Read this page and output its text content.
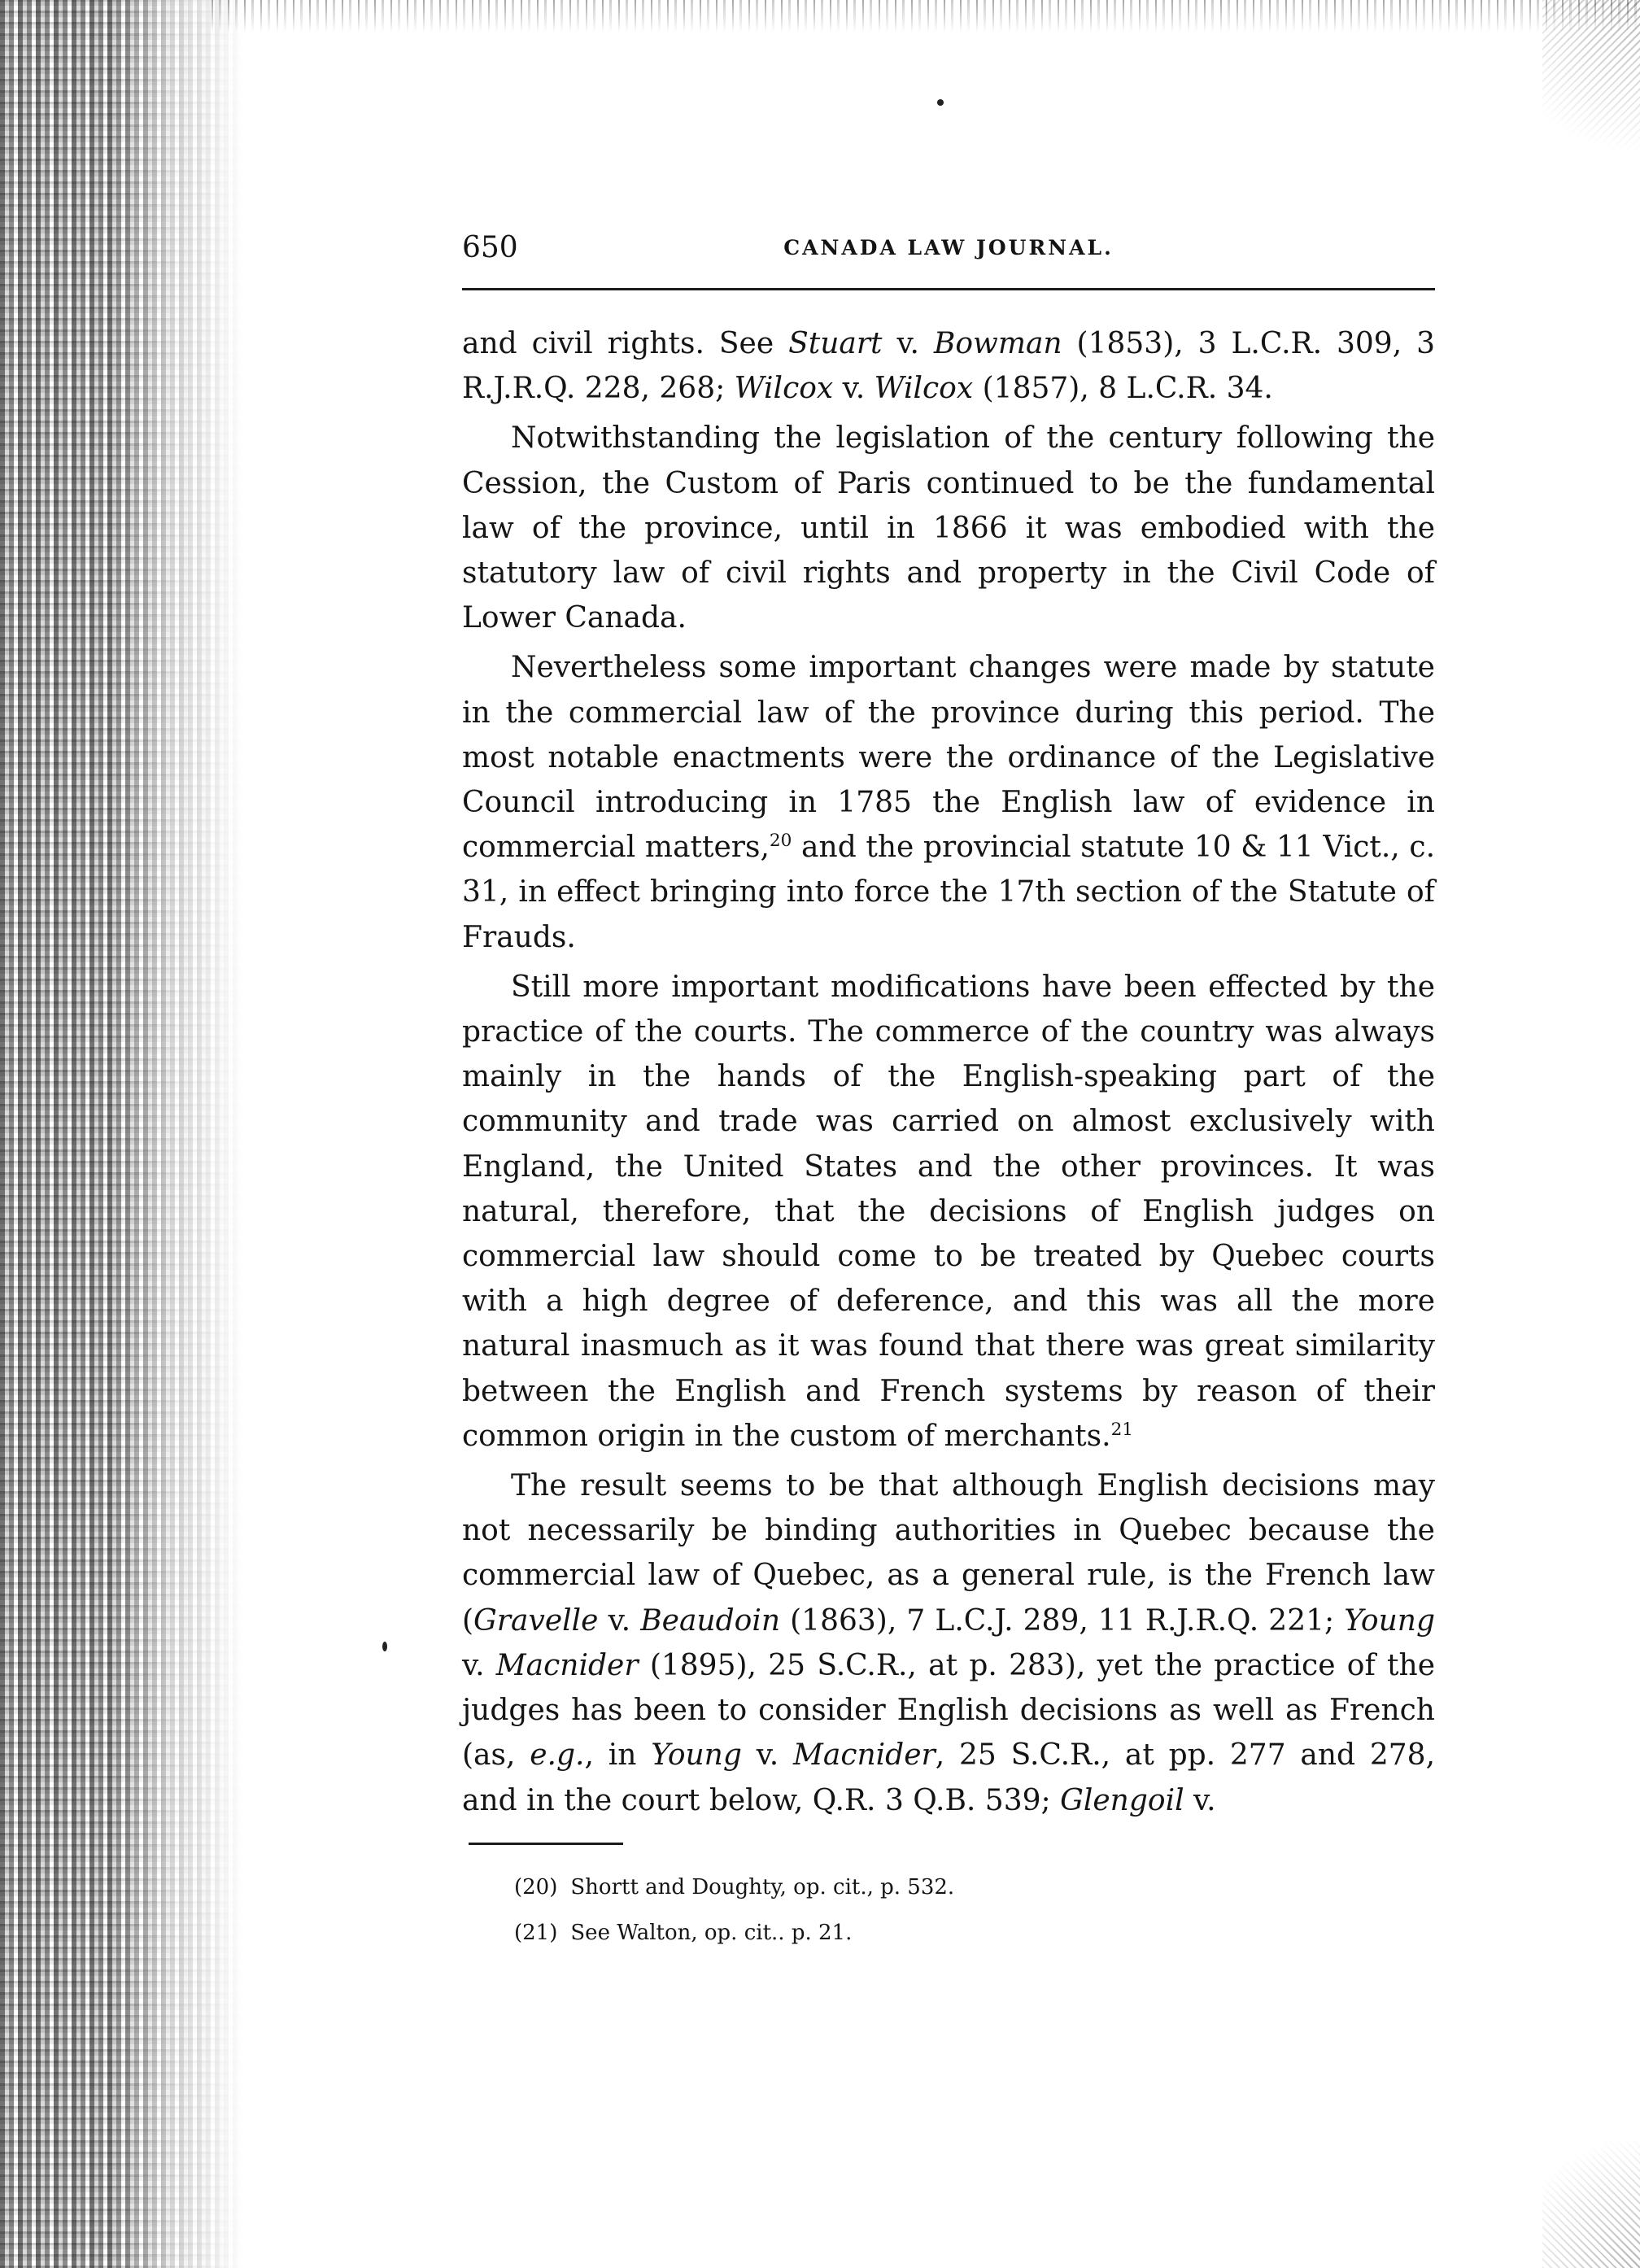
650	CANADA LAW JOURNAL.

and civil rights. See Stuart v. Bowman (1853), 3 L.C.R. 309, 3 R.J.R.Q. 228, 268; Wilcox v. Wilcox (1857), 8 L.C.R. 34.

Notwithstanding the legislation of the century following the Cession, the Custom of Paris continued to be the fundamental law of the province, until in 1866 it was embodied with the statutory law of civil rights and property in the Civil Code of Lower Canada.

Nevertheless some important changes were made by statute in the commercial law of the province during this period. The most notable enactments were the ordinance of the Legislative Council introducing in 1785 the English law of evidence in commercial matters,$^{20}$ and the provincial statute 10 & 11 Vict., c. 31, in effect bringing into force the 17th section of the Statute of Frauds.

Still more important modifications have been effected by the practice of the courts. The commerce of the country was always mainly in the hands of the English-speaking part of the community and trade was carried on almost exclusively with England, the United States and the other provinces. It was natural, therefore, that the decisions of English judges on commercial law should come to be treated by Quebec courts with a high degree of deference, and this was all the more natural inasmuch as it was found that there was great similarity between the English and French systems by reason of their common origin in the custom of merchants.$^{21}$

The result seems to be that although English decisions may not necessarily be binding authorities in Quebec because the commercial law of Quebec, as a general rule, is the French law (Gravelle v. Beaudoin (1863), 7 L.C.J. 289, 11 R.J.R.Q. 221; Young v. Macnider (1895), 25 S.C.R., at p. 283), yet the practice of the judges has been to consider English decisions as well as French (as, e.g., in Young v. Macnider, 25 S.C.R., at pp. 277 and 278, and in the court below, Q.R. 3 Q.B. 539; Glengoil v.

(20) Shortt and Doughty, op. cit., p. 532.

(21) See Walton, op. cit.. p. 21.
